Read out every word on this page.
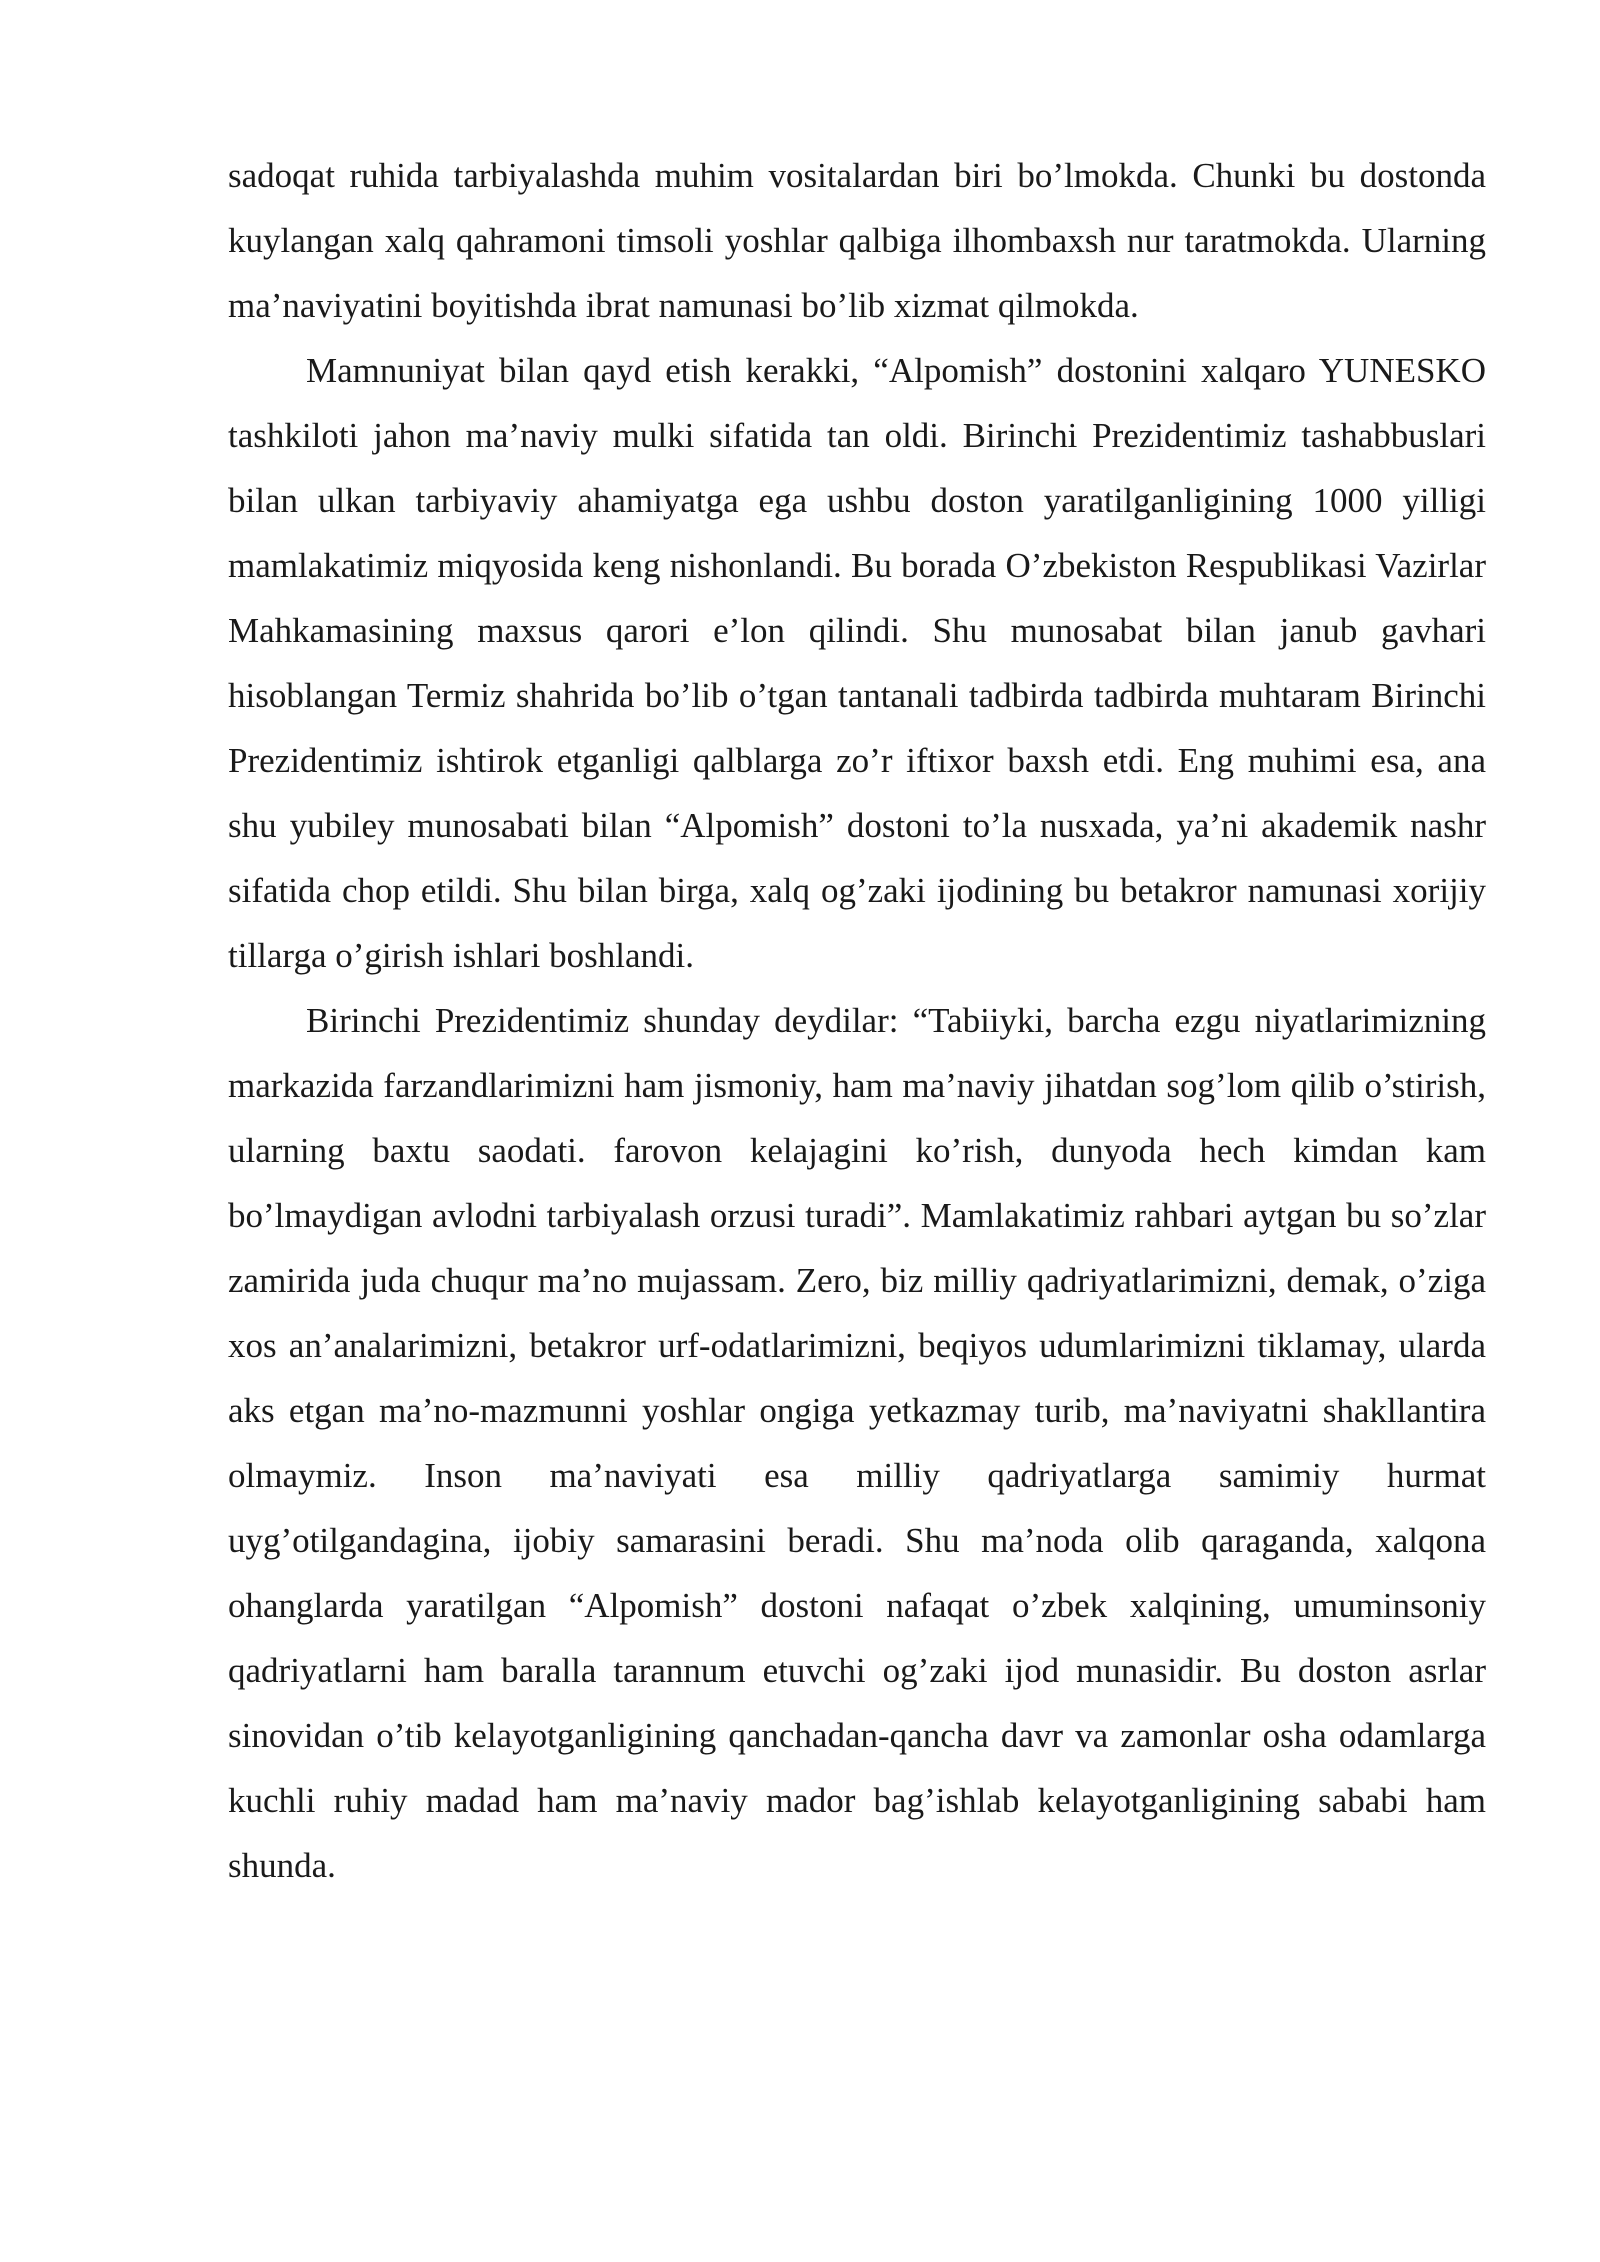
sadoqat ruhida tarbiyalashda muhim vositalardan biri bo’lmokda. Chunki bu dostonda kuylangan xalq qahramoni timsoli yoshlar qalbiga ilhombaxsh nur taratmokda. Ularning ma’naviyatini boyitishda ibrat namunasi bo’lib xizmat qilmokda.

Mamnuniyat bilan qayd etish kerakki, “Alpomish” dostonini xalqaro YUNESKO tashkiloti jahon ma’naviy mulki sifatida tan oldi. Birinchi Prezidentimiz tashabbuslari bilan ulkan tarbiyaviy ahamiyatga ega ushbu doston yaratilganligining 1000 yilligi mamlakatimiz miqyosida keng nishonlandi. Bu borada O’zbekiston Respublikasi Vazirlar Mahkamasining maxsus qarori e’lon qilindi. Shu munosabat bilan janub gavhari hisoblangan Termiz shahrida bo’lib o’tgan tantanali tadbirda tadbirda muhtaram Birinchi Prezidentimiz ishtirok etganligi qalblarga zo’r iftixor baxsh etdi. Eng muhimi esa, ana shu yubiley munosabati bilan “Alpomish” dostoni to’la nusxada, ya’ni akademik nashr sifatida chop etildi. Shu bilan birga, xalq og’zaki ijodining bu betakror namunasi xorijiy tillarga o’girish ishlari boshlandi.

Birinchi Prezidentimiz shunday deydilar: “Tabiiyki, barcha ezgu niyatlarimizning markazida farzandlarimizni ham jismoniy, ham ma’naviy jihatdan sog’lom qilib o’stirish, ularning baxtu saodati. farovon kelajagini ko’rish, dunyoda hech kimdan kam bo’lmaydigan avlodni tarbiyalash orzusi turadi”. Mamlakatimiz rahbari aytgan bu so’zlar zamirida juda chuqur ma’no mujassam. Zero, biz milliy qadriyatlarimizni, demak, o’ziga xos an’analarimizni, betakror urf-odatlarimizni, beqiyos udumlarimizni tiklamay, ularda aks etgan ma’no-mazmunni yoshlar ongiga yetkazmay turib, ma’naviyatni shakllantira olmaymiz. Inson ma’naviyati esa milliy qadriyatlarga samimiy hurmat uyg’otilgandagina, ijobiy samarasini beradi. Shu ma’noda olib qaraganda, xalqona ohanglarda yaratilgan “Alpomish” dostoni nafaqat o’zbek xalqining, umuminsoniy qadriyatlarni ham baralla tarannum etuvchi og’zaki ijod munasidir. Bu doston asrlar sinovidan o’tib kelayotganligining qanchadan-qancha davr va zamonlar osha odamlarga kuchli ruhiy madad ham ma’naviy mador bag’ishlab kelayotganligining sababi ham shunda.
